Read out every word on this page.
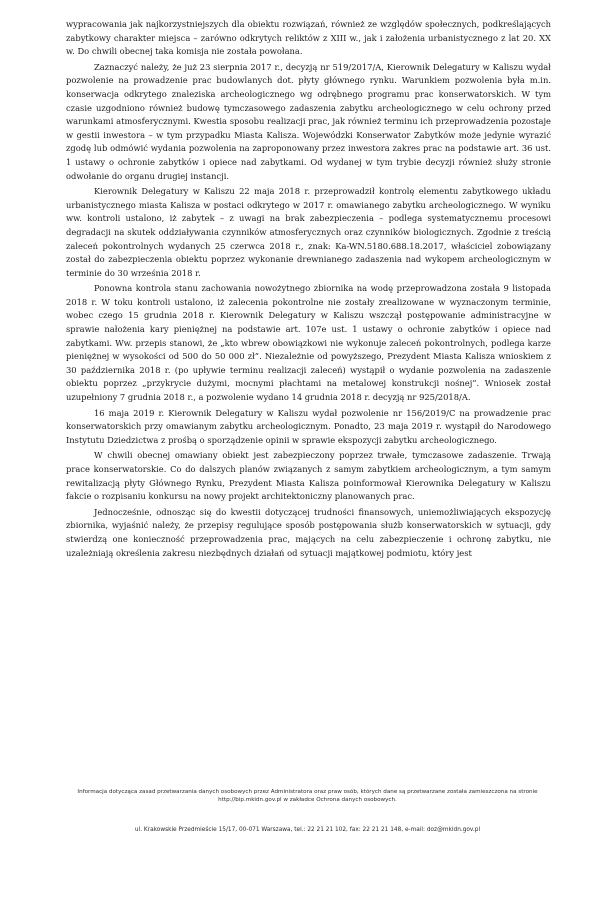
wypracowania jak najkorzystniejszych dla obiektu rozwiązań, również ze względów społecznych, podkreślających zabytkowy charakter miejsca – zarówno odkrytych reliktów z XIII w., jak i założenia urbanistycznego z lat 20. XX w. Do chwili obecnej taka komisja nie została powołana.

Zaznaczyć należy, że już 23 sierpnia 2017 r., decyzją nr 519/2017/A, Kierownik Delegatury w Kaliszu wydał pozwolenie na prowadzenie prac budowlanych dot. płyty głównego rynku. Warunkiem pozwolenia była m.in. konserwacja odkrytego znaleziska archeologicznego wg odrębnego programu prac konserwatorskich. W tym czasie uzgodniono również budowę tymczasowego zadaszenia zabytku archeologicznego w celu ochrony przed warunkami atmosferycznymi. Kwestia sposobu realizacji prac, jak również terminu ich przeprowadzenia pozostaje w gestii inwestora – w tym przypadku Miasta Kalisza. Wojewódzki Konserwator Zabytków może jedynie wyrazić zgodę lub odmówić wydania pozwolenia na zaproponowany przez inwestora zakres prac na podstawie art. 36 ust. 1 ustawy o ochronie zabytków i opiece nad zabytkami. Od wydanej w tym trybie decyzji również służy stronie odwołanie do organu drugiej instancji.

Kierownik Delegatury w Kaliszu 22 maja 2018 r. przeprowadził kontrolę elementu zabytkowego układu urbanistycznego miasta Kalisza w postaci odkrytego w 2017 r. omawianego zabytku archeologicznego. W wyniku ww. kontroli ustalono, iż zabytek – z uwagi na brak zabezpieczenia – podlega systematycznemu procesowi degradacji na skutek oddziaływania czynników atmosferycznych oraz czynników biologicznych. Zgodnie z treścią zaleceń pokontrolnych wydanych 25 czerwca 2018 r., znak: Ka-WN.5180.688.18.2017, właściciel zobowiązany został do zabezpieczenia obiektu poprzez wykonanie drewnianego zadaszenia nad wykopem archeologicznym w terminie do 30 września 2018 r.

Ponowna kontrola stanu zachowania nowożytnego zbiornika na wodę przeprowadzona została 9 listopada 2018 r. W toku kontroli ustalono, iż zalecenia pokontrolne nie zostały zrealizowane w wyznaczonym terminie, wobec czego 15 grudnia 2018 r. Kierownik Delegatury w Kaliszu wszczął postępowanie administracyjne w sprawie nałożenia kary pieniężnej na podstawie art. 107e ust. 1 ustawy o ochronie zabytków i opiece nad zabytkami. Ww. przepis stanowi, że „kto wbrew obowiązkowi nie wykonuje zaleceń pokontrolnych, podlega karze pieniężnej w wysokości od 500 do 50 000 zł”. Niezależnie od powyższego, Prezydent Miasta Kalisza wnioskiem z 30 października 2018 r. (po upływie terminu realizacji zaleceń) wystąpił o wydanie pozwolenia na zadaszenie obiektu poprzez „przykrycie dużymi, mocnymi płachtami na metalowej konstrukcji nośnej”. Wniosek został uzupełniony 7 grudnia 2018 r., a pozwolenie wydano 14 grudnia 2018 r. decyzją nr 925/2018/A.

16 maja 2019 r. Kierownik Delegatury w Kaliszu wydał pozwolenie nr 156/2019/C na prowadzenie prac konserwatorskich przy omawianym zabytku archeologicznym. Ponadto, 23 maja 2019 r. wystąpił do Narodowego Instytutu Dziedzictwa z prośbą o sporządzenie opinii w sprawie ekspozycji zabytku archeologicznego.

W chwili obecnej omawiany obiekt jest zabezpieczony poprzez trwałe, tymczasowe zadaszenie. Trwają prace konserwatorskie. Co do dalszych planów związanych z samym zabytkiem archeologicznym, a tym samym rewitalizacją płyty Głównego Rynku, Prezydent Miasta Kalisza poinformował Kierownika Delegatury w Kaliszu fakcie o rozpisaniu konkursu na nowy projekt architektoniczny planowanych prac.

Jednocześnie, odnosząc się do kwestii dotyczącej trudności finansowych, uniemożliwiających ekspozycję zbiornika, wyjaśnić należy, że przepisy regulujące sposób postępowania służb konserwatorskich w sytuacji, gdy stwierdzą one konieczność przeprowadzenia prac, mających na celu zabezpieczenie i ochronę zabytku, nie uzależniają określenia zakresu niezbędnych działań od sytuacji majątkowej podmiotu, który jest

Informacja dotycząca zasad przetwarzania danych osobowych przez Administratora oraz praw osób, których dane są przetwarzane została zamieszczona na stronie http://bip.mkidn.gov.pl w zakładce Ochrona danych osobowych.
ul. Krakowskie Przedmieście 15/17, 00-071 Warszawa, tel.: 22 21 21 102, fax: 22 21 21 148, e-mail: doz@mkidn.gov.pl
